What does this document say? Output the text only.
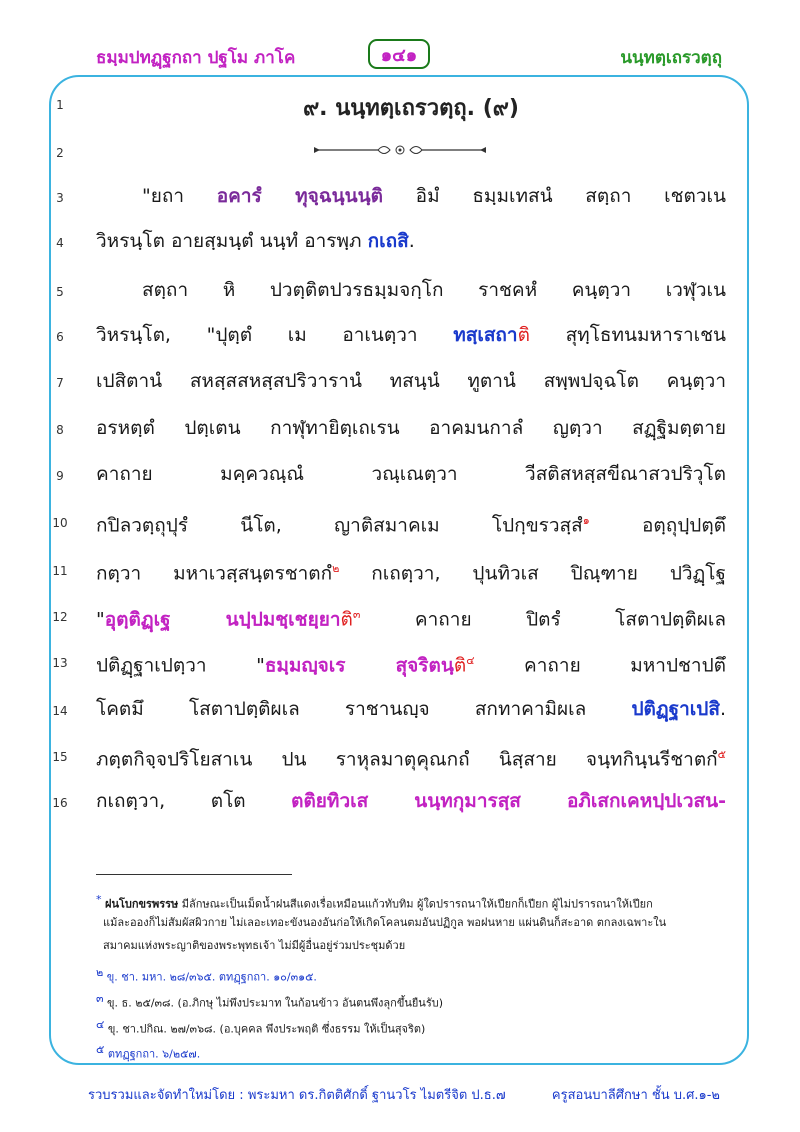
ธมฺมปทฏฺฐกถา ปฐโม ภาโค	๑๔๑	นนฺทตฺเถรวตฺถุ
๙. นนฺทตฺเถรวตฺถุ. (๙)
1
2
3
4
5
6
7
8
9
10
11
12
13
14
15
16
"ยถา อคารํ ทุจฺฉนฺนนฺติ อิมํ ธมฺมเทสนํ สตฺถา เชตวเน
วิหรนฺโต อายสฺมนฺตํ นนฺทํ อารพฺภ กเถสิ.
สตฺถา หิ ปวตฺติตปวรธมฺมจกฺโก ราชคหํ คนฺตฺวา เวฬุวเน
วิหรนฺโต, "ปุตฺตํ เม อาเนตฺวา ทสฺเสถาติ สุทฺโธทนมหาราเชน
เปสิตานํ สหสฺสสหสฺสปริวารานํ ทสนฺนํ ทูตานํ สพฺพปจฺฉโต คนฺตฺวา
อรหตฺตํ ปตฺเตน กาฬุทายิตฺเถเรน อาคมนกาลํ ญตฺวา สฏฺฐิมตฺตาย
คาถาย มคฺควณฺณํ วณฺเณตฺวา วีสติสหสฺสขีณาสวปริวุโต
กปิลวตฺถุปุรํ นีโต, ญาติสมาคเม โปกฺขรวสฺสํ$^๑$ อตฺถุปฺปตฺตึ
กตฺวา มหาเวสฺสนฺตรชาตกํ$^๒$ กเถตฺวา, ปุนทิวเส ปิณฺฑาย ปวิฏฺโฐ
"อุตฺติฏฺเฐ นปฺปมชฺเชยฺยาติ$^๓$ คาถาย ปิตรํ โสตาปตฺติผเล
ปติฏฺฐาเปตฺวา "ธมฺมญฺจเร สุจริตนฺติ$^๔$ คาถาย มหาปชาปตึ
โคตมึ โสตาปตฺติผเล ราชานญฺจ สกทาคามิผเล ปติฏฺฐาเปสิ.
ภตฺตกิจฺจปริโยสาเน ปน ราหุลมาตุคุณกถํ นิสฺสาย จนฺทกินฺนรีชาตกํ$^๕$
กเถตฺวา, ตโต ตติยทิวเส นนฺทกุมารสฺส อภิเสกเคหปฺปเวสน-
* ฝนโบกขรพรรษ มีลักษณะเป็นเม็ดน้ำฝนสีแดงเรื่อเหมือนแก้วทับทิม ผู้ใดปรารถนาให้เปียกก็เปียก ผู้ไม่ปรารถนาให้เปียก
แม้ละอองก็ไม่สัมผัสผิวกาย ไม่เลอะเทอะขังนองอันก่อให้เกิดโคลนตมอันปฏิกูล พอฝนหาย แผ่นดินก็สะอาด ตกลงเฉพาะใน
สมาคมแห่งพระญาติของพระพุทธเจ้า ไม่มีผู้อื่นอยู่ร่วมประชุมด้วย
๒ ขุ. ชา. มหา. ๒๘/๓๖๕. ตทฏฺฐกถา. ๑๐/๓๑๕.
๓ ขุ. ธ. ๒๕/๓๘. (อ.ภิกษุ ไม่พึงประมาท ในก้อนข้าว อันตนพึงลุกขึ้นยืนรับ)
๔ ขุ. ชา.ปกิณ. ๒๗/๓๖๘. (อ.บุคคล พึงประพฤติ ซึ่งธรรม ให้เป็นสุจริต)
๕ ตทฏฺฐกถา. ๖/๒๕๗.
รวบรวมและจัดทำใหม่โดย : พระมหา ดร.กิตติศักดิ์ ฐานวโร ไมตรีจิต ป.ธ.๗	ครูสอนบาลีศึกษา ชั้น บ.ศ.๑-๒
